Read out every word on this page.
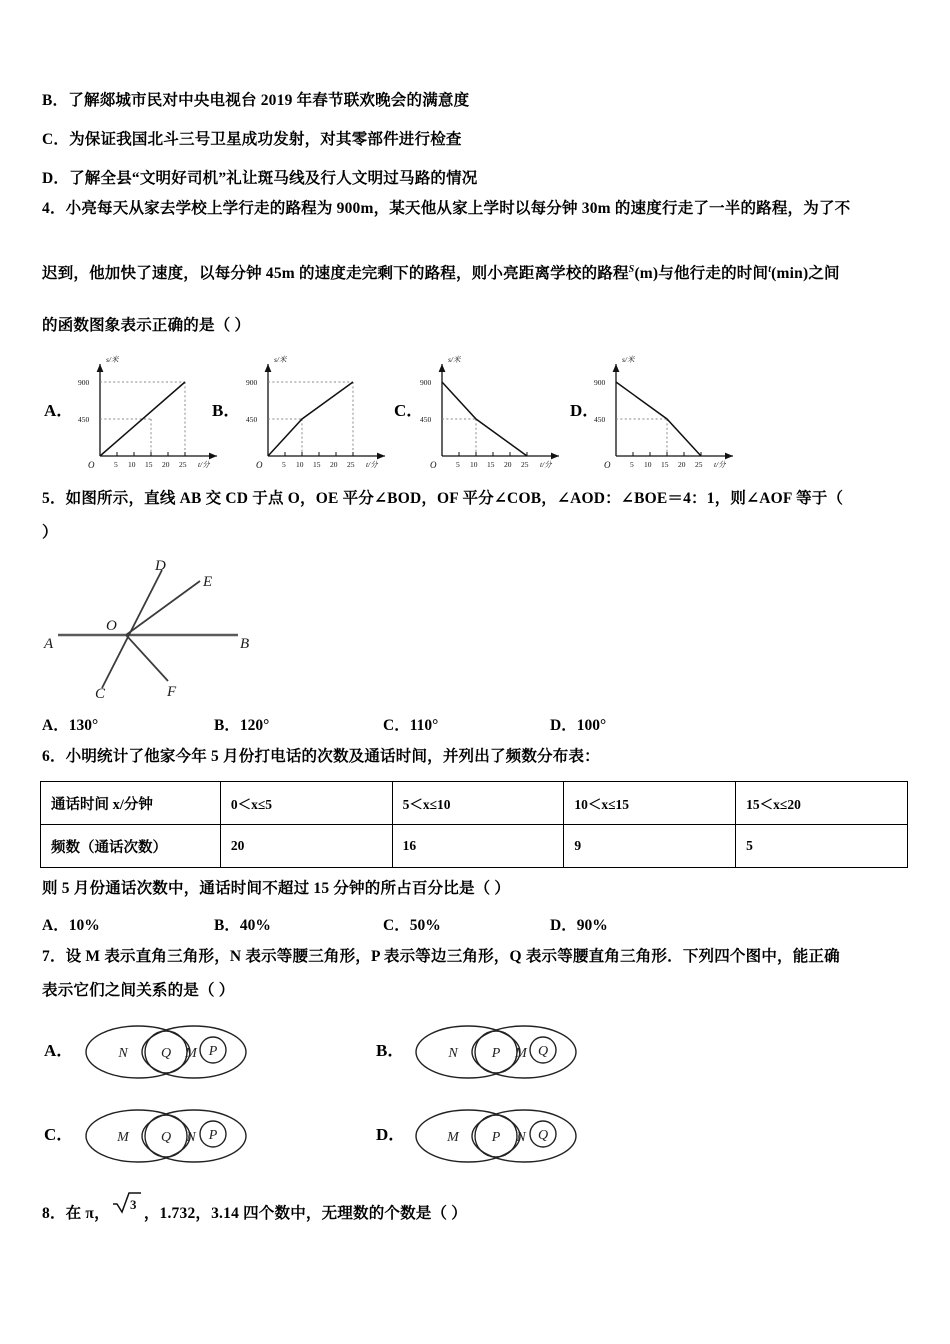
B．了解郯城市民对中央电视台 2019 年春节联欢晚会的满意度
C．为保证我国北斗三号卫星成功发射，对其零部件进行检查
D．了解全县“文明好司机”礼让斑马线及行人文明过马路的情况
4．小亮每天从家去学校上学行走的路程为 900m，某天他从家上学时以每分钟 30m 的速度行走了一半的路程，为了不
迟到，他加快了速度，以每分钟 45m 的速度走完剩下的路程，则小亮距离学校的路程$^S$(m)与他行走的时间$^t$(min)之间
的函数图象表示正确的是（ ）
A．
900
450
5 10 15 20 25
O
s/米
t/分
B．
900
450
5 10 15 20 25
O
s/米
t/分
C．
900
450
5 10 15 20 25
O
s/米
t/分
D．
900
450
5 10 15 20 25
O
s/米
t/分
5．如图所示，直线 AB 交 CD 于点 O，OE 平分∠BOD，OF 平分∠COB，∠AOD：∠BOE＝4：1，则∠AOF 等于（
）
D
E
O
A	B
C	F
A．130°	B．120°	C．110°	D．100°
6．小明统计了他家今年 5 月份打电话的次数及通话时间，并列出了频数分布表：
通话时间 x/分钟	0＜x≤5	5＜x≤10	10＜x≤15	15＜x≤20
频数（通话次数）	20	16	9	5
则 5 月份通话次数中，通话时间不超过 15 分钟的所占百分比是（ ）
A．10%	B．40%	C．50%	D．90%
7．设 M 表示直角三角形，N 表示等腰三角形，P 表示等边三角形，Q 表示等腰直角三角形．下列四个图中，能正确
表示它们之间关系的是（ ）
A．	N Q M P	B．	N P M Q
C．	M Q N P	D．	M P N Q
8．在 π，
3
，1.732，3.14 四个数中，无理数的个数是（ ）
